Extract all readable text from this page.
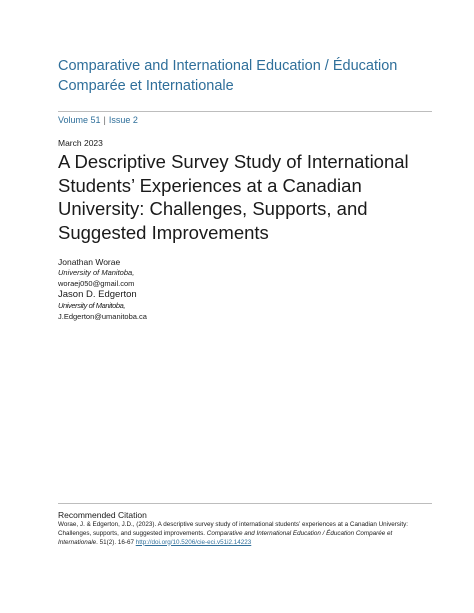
Comparative and International Education / Éducation Comparée et Internationale
Volume 51 | Issue 2
March 2023
A Descriptive Survey Study of International Students’ Experiences at a Canadian University: Challenges, Supports, and Suggested Improvements
Jonathan Worae
University of Manitoba,
woraej050@gmail.com
Jason D. Edgerton
University of Manitoba,
J.Edgerton@umanitoba.ca
Recommended Citation
Worae, J. & Edgerton, J.D., (2023). A descriptive survey study of international students’ experiences at a Canadian University: Challenges, supports, and suggested improvements. Comparative and International Education / Éducation Comparée et Internationale. 51(2). 16-67 http://doi.org/10.5206/cie-eci.v51i2.14223
